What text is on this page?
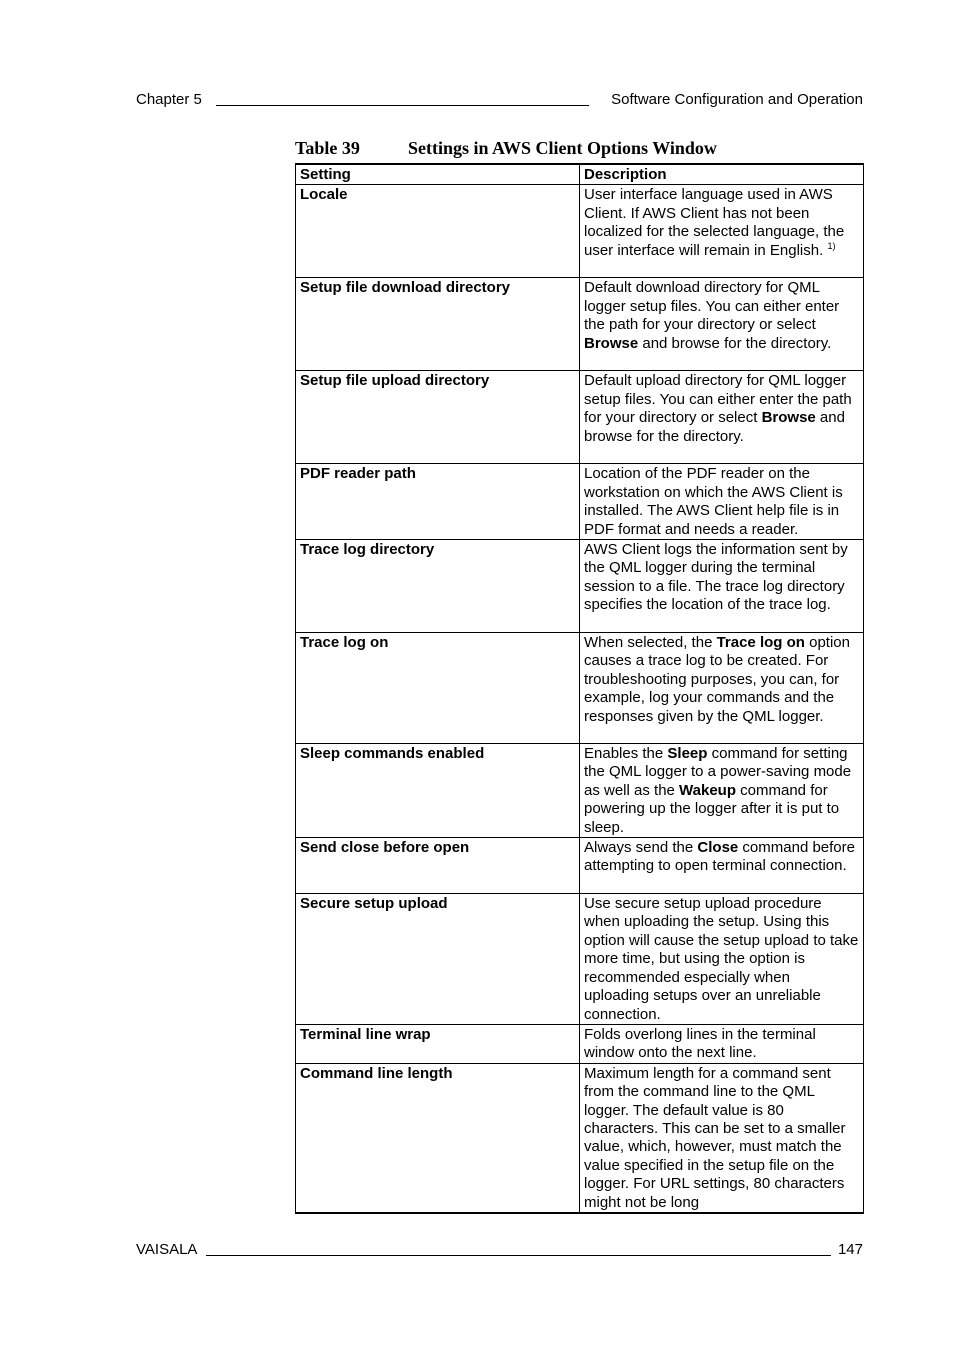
Chapter 5	Software Configuration and Operation
Table 39	Settings in AWS Client Options Window
Setting	Description
Locale	User interface language used in AWS Client. If AWS Client has not been localized for the selected language, the user interface will remain in English. $^{1)}$
Setup file download directory	Default download directory for QML logger setup files. You can either enter the path for your directory or select Browse and browse for the directory.
Setup file upload directory	Default upload directory for QML logger setup files. You can either enter the path for your directory or select Browse and browse for the directory.
PDF reader path	Location of the PDF reader on the workstation on which the AWS Client is installed. The AWS Client help file is in PDF format and needs a reader.
Trace log directory	AWS Client logs the information sent by the QML logger during the terminal session to a file. The trace log directory specifies the location of the trace log.
Trace log on	When selected, the Trace log on option causes a trace log to be created. For troubleshooting purposes, you can, for example, log your commands and the responses given by the QML logger.
Sleep commands enabled	Enables the Sleep command for setting the QML logger to a power-saving mode as well as the Wakeup command for powering up the logger after it is put to sleep.
Send close before open	Always send the Close command before attempting to open terminal connection.
Secure setup upload	Use secure setup upload procedure when uploading the setup. Using this option will cause the setup upload to take more time, but using the option is recommended especially when uploading setups over an unreliable connection.
Terminal line wrap	Folds overlong lines in the terminal window onto the next line.
Command line length	Maximum length for a command sent from the command line to the QML logger. The default value is 80 characters. This can be set to a smaller value, which, however, must match the value specified in the setup file on the logger. For URL settings, 80 characters might not be long
VAISALA	147
